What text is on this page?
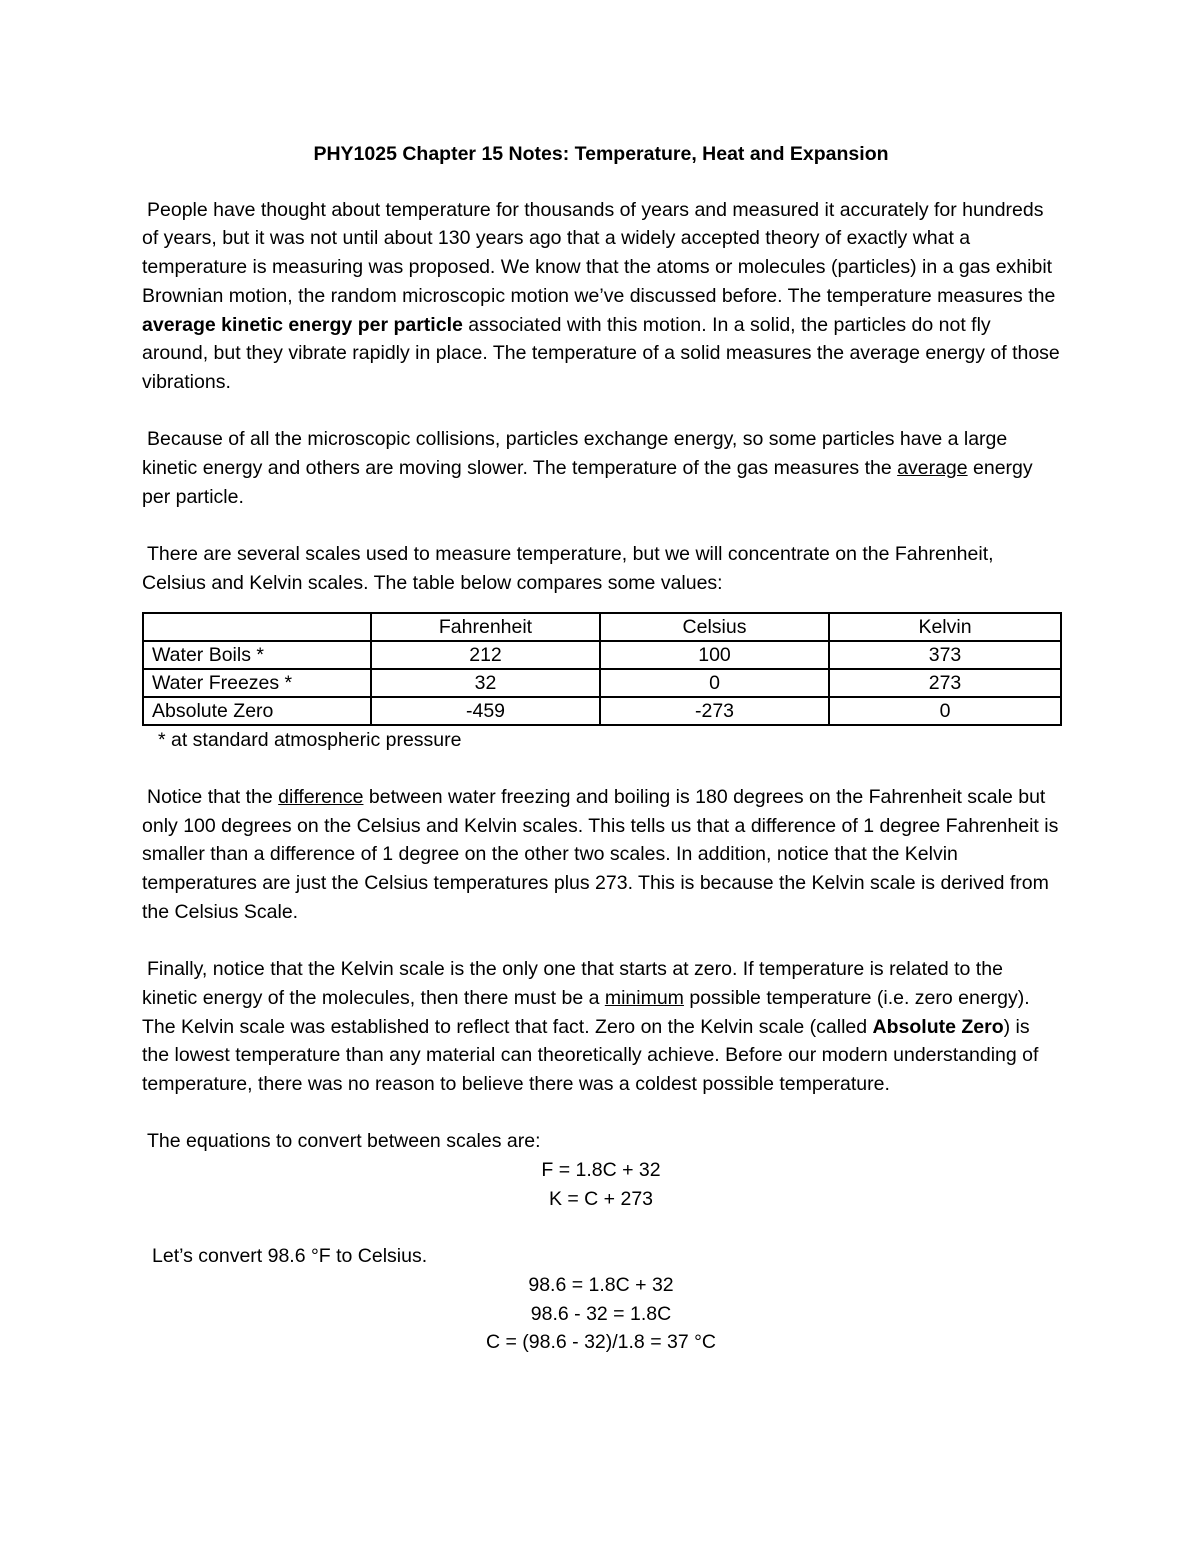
PHY1025 Chapter 15 Notes: Temperature, Heat and Expansion

People have thought about temperature for thousands of years and measured it accurately for hundreds of years, but it was not until about 130 years ago that a widely accepted theory of exactly what a temperature is measuring was proposed. We know that the atoms or molecules (particles) in a gas exhibit Brownian motion, the random microscopic motion we’ve discussed before. The temperature measures the average kinetic energy per particle associated with this motion. In a solid, the particles do not fly around, but they vibrate rapidly in place. The temperature of a solid measures the average energy of those vibrations.

Because of all the microscopic collisions, particles exchange energy, so some particles have a large kinetic energy and others are moving slower. The temperature of the gas measures the average energy per particle.

There are several scales used to measure temperature, but we will concentrate on the Fahrenheit, Celsius and Kelvin scales. The table below compares some values:

	Fahrenheit	Celsius	Kelvin
Water Boils *	212	100	373
Water Freezes *	32	0	273
Absolute Zero	-459	-273	0
* at standard atmospheric pressure

Notice that the difference between water freezing and boiling is 180 degrees on the Fahrenheit scale but only 100 degrees on the Celsius and Kelvin scales. This tells us that a difference of 1 degree Fahrenheit is smaller than a difference of 1 degree on the other two scales. In addition, notice that the Kelvin temperatures are just the Celsius temperatures plus 273. This is because the Kelvin scale is derived from the Celsius Scale.

Finally, notice that the Kelvin scale is the only one that starts at zero. If temperature is related to the kinetic energy of the molecules, then there must be a minimum possible temperature (i.e. zero energy). The Kelvin scale was established to reflect that fact. Zero on the Kelvin scale (called Absolute Zero) is the lowest temperature than any material can theoretically achieve. Before our modern understanding of temperature, there was no reason to believe there was a coldest possible temperature.

The equations to convert between scales are:

F = 1.8C + 32
K = C + 273

Let’s convert 98.6 °F to Celsius.

98.6 = 1.8C + 32
98.6 - 32 = 1.8C
C = (98.6 - 32)/1.8 = 37 °C
